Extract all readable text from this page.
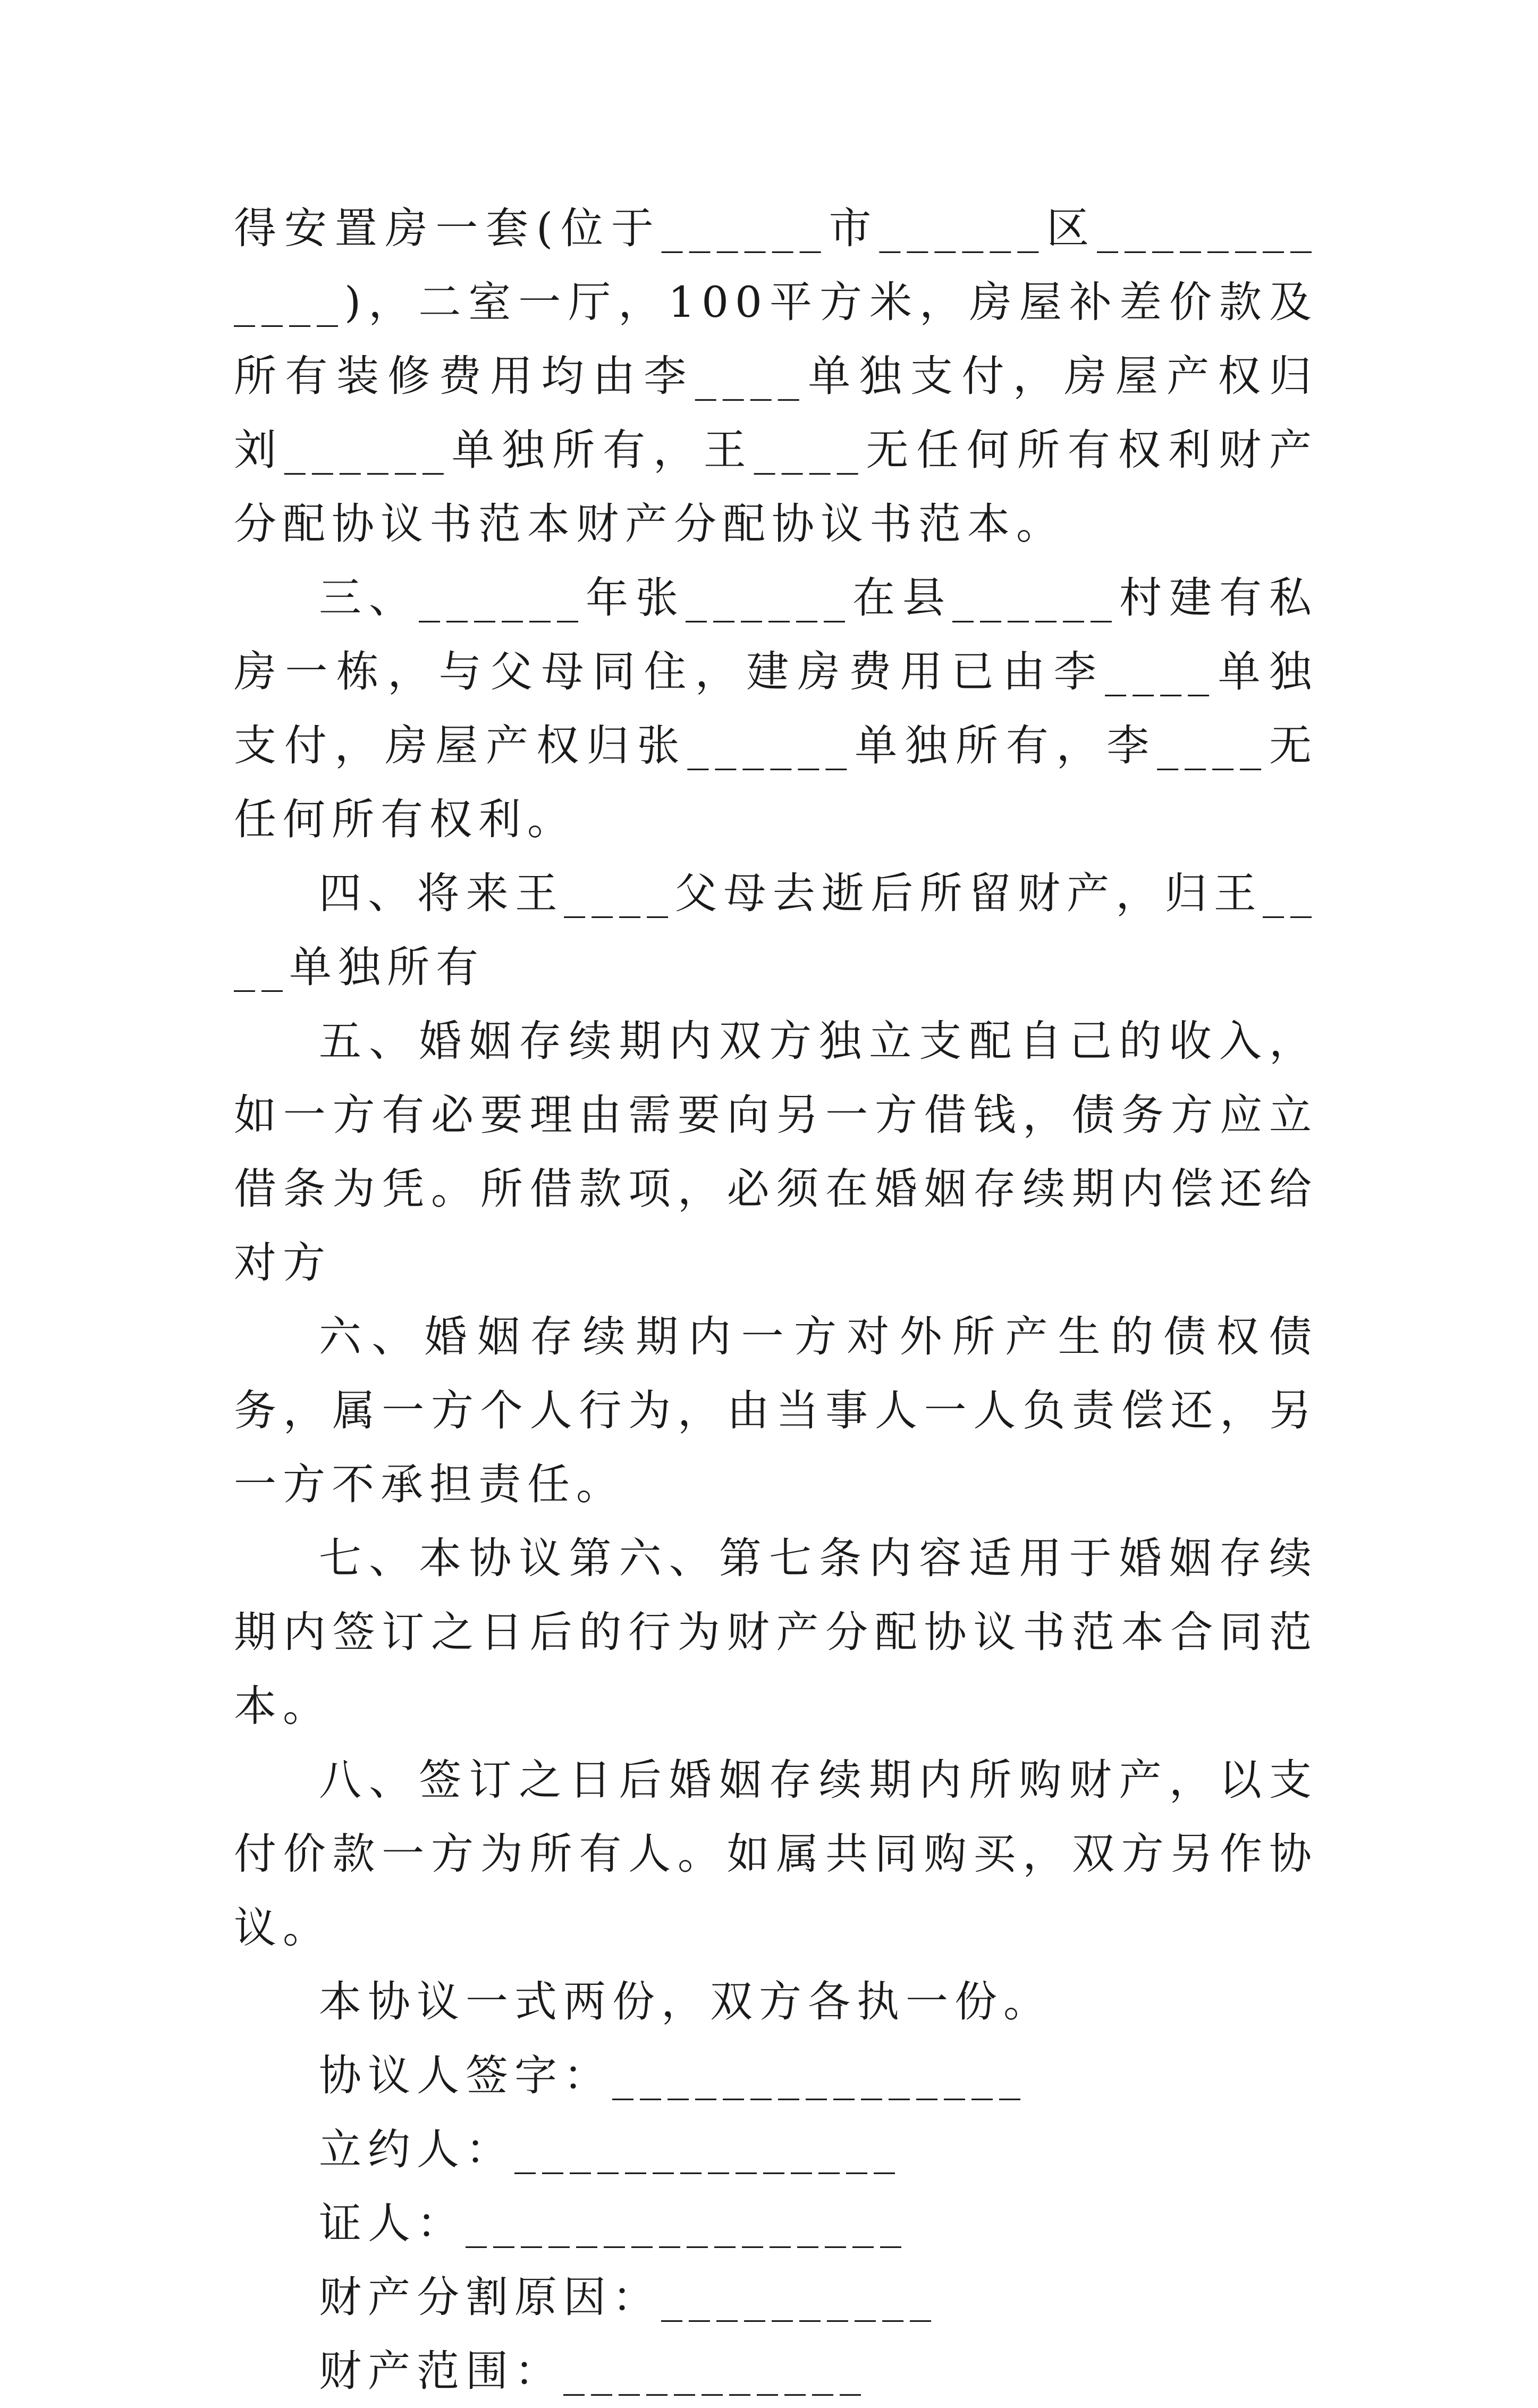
得安置房一套(位于______市______区____________)，二室一厅，100平方米，房屋补差价款及所有装修费用均由李____单独支付，房屋产权归刘______单独所有，王____无任何所有权利财产分配协议书范本财产分配协议书范本。

三、______年张______在县______村建有私房一栋，与父母同住，建房费用已由李____单独支付，房屋产权归张______单独所有，李____无任何所有权利。

四、将来王____父母去逝后所留财产，归王____单独所有

五、婚姻存续期内双方独立支配自己的收入，如一方有必要理由需要向另一方借钱，债务方应立借条为凭。所借款项，必须在婚姻存续期内偿还给对方

六、婚姻存续期内一方对外所产生的债权债务，属一方个人行为，由当事人一人负责偿还，另一方不承担责任。

七、本协议第六、第七条内容适用于婚姻存续期内签订之日后的行为财产分配协议书范本合同范本。

八、签订之日后婚姻存续期内所购财产，以支付价款一方为所有人。如属共同购买，双方另作协议。

本协议一式两份，双方各执一份。

协议人签字：_______________
立约人：______________
证人：________________
财产分割原因：__________
财产范围：___________
